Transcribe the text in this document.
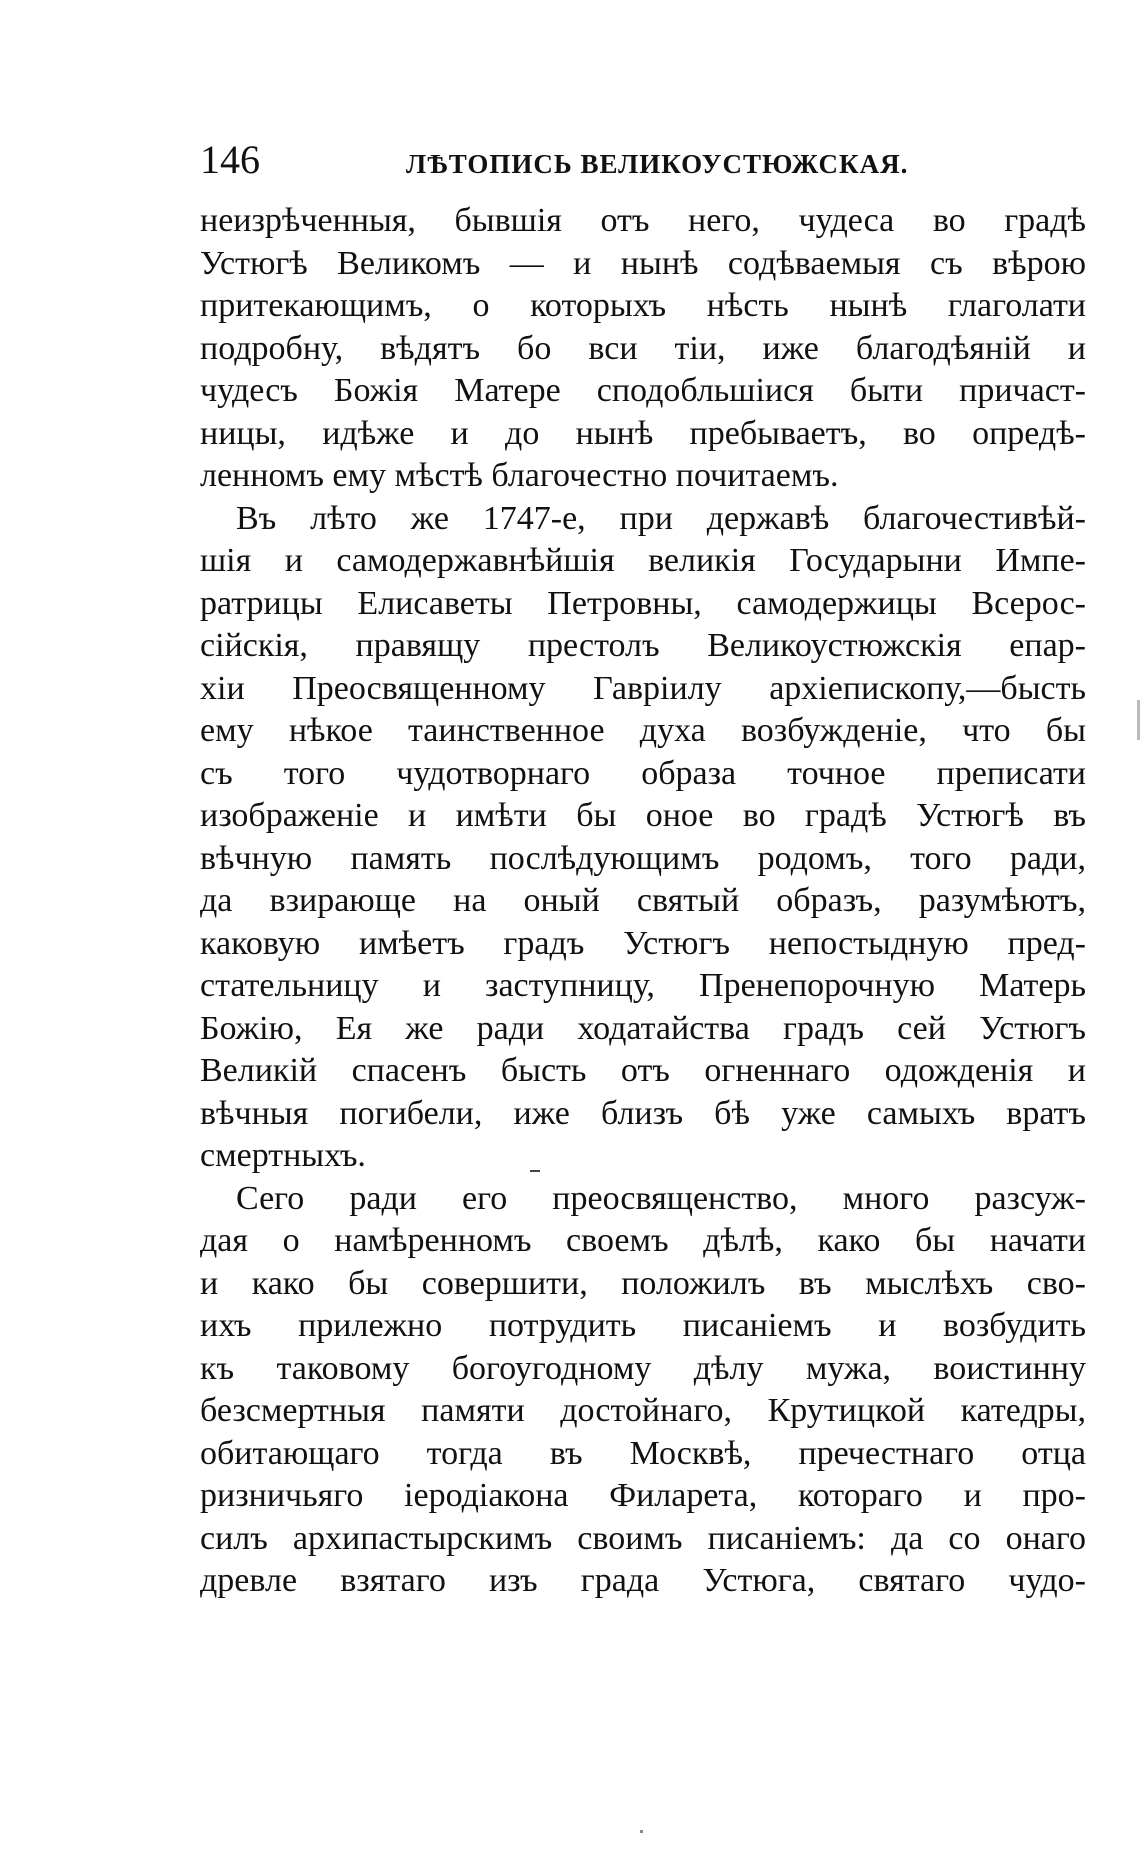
146	ЛѢТОПИСЬ ВЕЛИКОУСТЮЖСКАЯ.
неизрѣченныя, бывшія отъ него, чудеса во градѣ
Устюгѣ Великомъ — и нынѣ содѣваемыя съ вѣрою
притекающимъ, о которыхъ нѣсть нынѣ глаголати
подробну, вѣдятъ бо вси тіи, иже благодѣяній и
чудесъ Божія Матере сподобльшіися быти причаст-
ницы, идѣже и до нынѣ пребываетъ, во опредѣ-
ленномъ ему мѣстѣ благочестно почитаемъ.
Въ лѣто же 1747-е, при державѣ благочестивѣй-
шія и самодержавнѣйшія великія Государыни Импе-
ратрицы Елисаветы Петровны, самодержицы Всерос-
сійскія, правящу престолъ Великоустюжскія епар-
хіи Преосвященному Гавріилу архіепископу,—бысть
ему нѣкое таинственное духа возбужденіе, что бы
съ того чудотворнаго образа точное преписати
изображеніе и имѣти бы оное во градѣ Устюгѣ въ
вѣчную память послѣдующимъ родомъ, того ради,
да взирающе на оный святый образъ, разумѣютъ,
каковую имѣетъ градъ Устюгъ непостыдную пред-
стательницу и заступницу, Пренепорочную Матерь
Божію, Ея же ради ходатайства градъ сей Устюгъ
Великій спасенъ бысть отъ огненнаго одожденія и
вѣчныя погибели, иже близъ бѣ уже самыхъ вратъ
смертныхъ.
Сего ради его преосвященство, много разсуж-
дая о намѣренномъ своемъ дѣлѣ, како бы начати
и како бы совершити, положилъ въ мыслѣхъ сво-
ихъ прилежно потрудить писаніемъ и возбудить
къ таковому богоугодному дѣлу мужа, воистинну
безсмертныя памяти достойнаго, Крутицкой катедры,
обитающаго тогда въ Москвѣ, пречестнаго отца
ризничьяго іеродіакона Филарета, котораго и про-
силъ архипастырскимъ своимъ писаніемъ: да со онаго
древле взятаго изъ града Устюга, святаго чудо-
